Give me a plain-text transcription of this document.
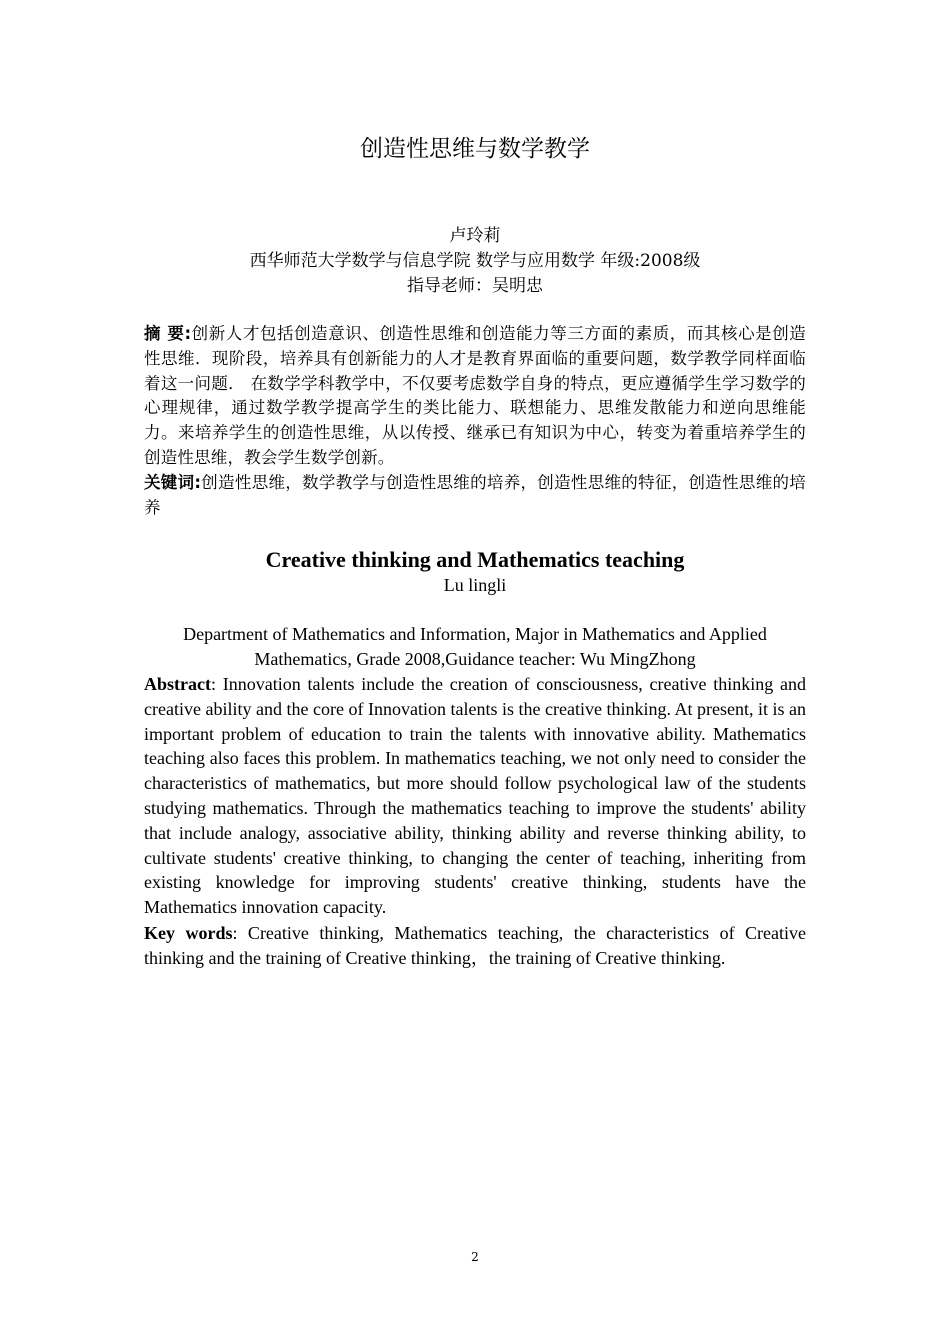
创造性思维与数学教学
卢玲莉
西华师范大学数学与信息学院 数学与应用数学 年级:2008级
指导老师：吴明忠
摘 要:创新人才包括创造意识、创造性思维和创造能力等三方面的素质，而其核心是创造性思维．现阶段，培养具有创新能力的人才是教育界面临的重要问题，数学教学同样面临着这一问题． 在数学学科教学中，不仅要考虑数学自身的特点，更应遵循学生学习数学的心理规律，通过数学教学提高学生的类比能力、联想能力、思维发散能力和逆向思维能力。来培养学生的创造性思维，从以传授、继承已有知识为中心，转变为着重培养学生的创造性思维，教会学生数学创新。
关键词:创造性思维，数学教学与创造性思维的培养，创造性思维的特征，创造性思维的培养
Creative thinking and Mathematics teaching
Lu lingli
Department of Mathematics and Information, Major in Mathematics and Applied Mathematics, Grade 2008,Guidance teacher: Wu MingZhong
Abstract: Innovation talents include the creation of consciousness, creative thinking and creative ability and the core of Innovation talents is the creative thinking. At present, it is an important problem of education to train the talents with innovative ability. Mathematics teaching also faces this problem. In mathematics teaching, we not only need to consider the characteristics of mathematics, but more should follow psychological law of the students studying mathematics. Through the mathematics teaching to improve the students' ability that include analogy, associative ability, thinking ability and reverse thinking ability, to cultivate students' creative thinking, to changing the center of teaching, inheriting from existing knowledge for improving students' creative thinking, students have the Mathematics innovation capacity.
Key words: Creative thinking, Mathematics teaching, the characteristics of Creative thinking and the training of Creative thinking，the training of Creative thinking.
2
